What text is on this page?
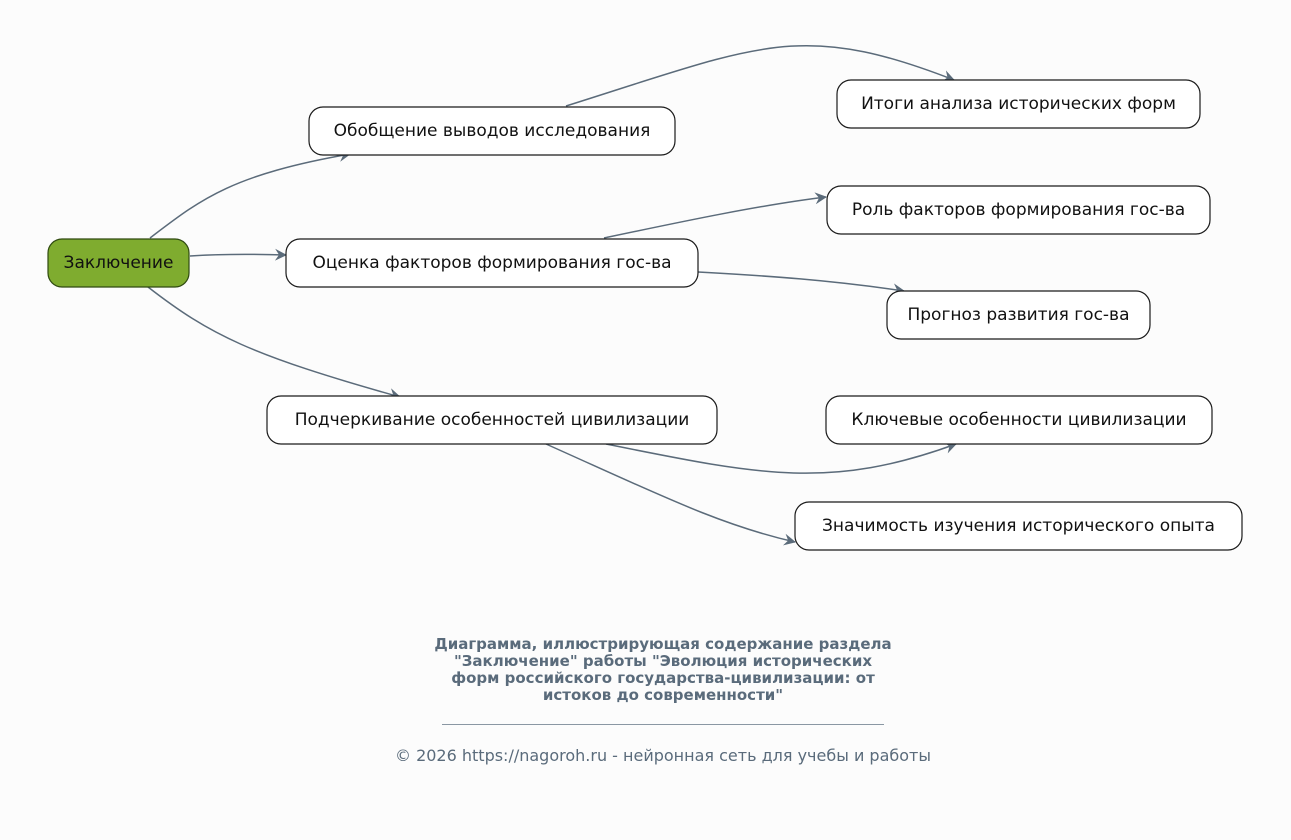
Заключение
Обобщение выводов исследования
Оценка факторов формирования гос-ва
Подчеркивание особенностей цивилизации
Итоги анализа исторических форм
Роль факторов формирования гос-ва
Прогноз развития гос-ва
Ключевые особенности цивилизации
Значимость изучения исторического опыта
Диаграмма, иллюстрирующая содержание раздела
"Заключение" работы "Эволюция исторических
форм российского государства-цивилизации: от
истоков до современности"
© 2026 https://nagoroh.ru - нейронная сеть для учебы и работы
